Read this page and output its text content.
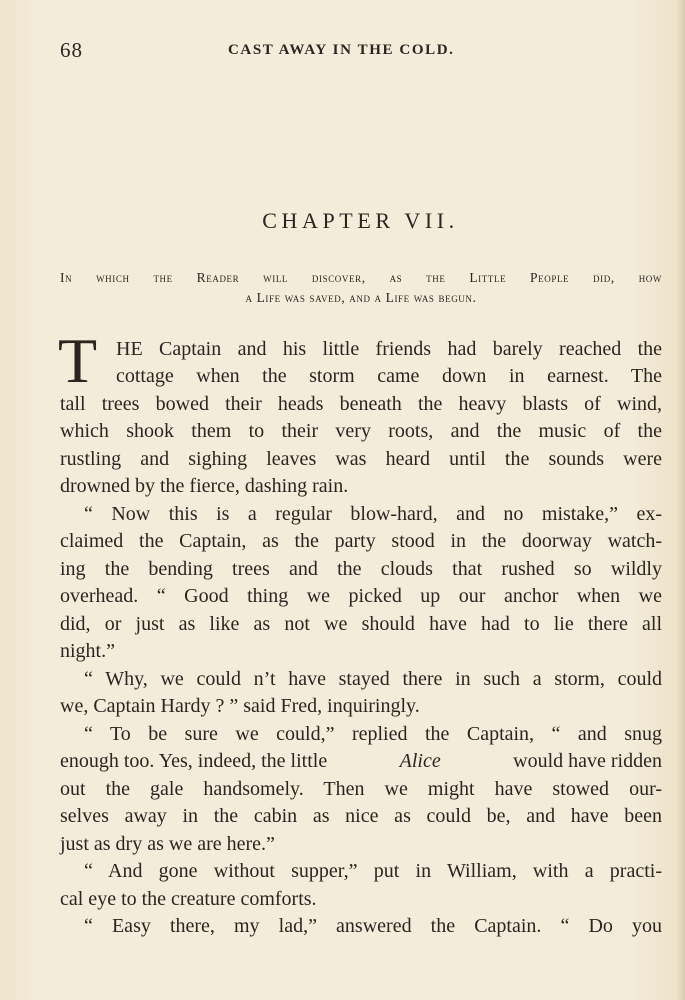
68	CAST AWAY IN THE COLD.
CHAPTER VII.
In which the Reader will discover, as the Little People did, how
a Life was saved, and a Life was begun.
T HE Captain and his little friends had barely reached the
cottage when the storm came down in earnest. The
tall trees bowed their heads beneath the heavy blasts of wind,
which shook them to their very roots, and the music of the
rustling and sighing leaves was heard until the sounds were
drowned by the fierce, dashing rain.
“ Now this is a regular blow-hard, and no mistake,” ex-
claimed the Captain, as the party stood in the doorway watch-
ing the bending trees and the clouds that rushed so wildly
overhead. “ Good thing we picked up our anchor when we
did, or just as like as not we should have had to lie there all
night.”
“ Why, we could n’t have stayed there in such a storm, could
we, Captain Hardy ? ” said Fred, inquiringly.
“ To be sure we could,” replied the Captain, “ and snug
enough too. Yes, indeed, the little	Alice	would have ridden
out the gale handsomely. Then we might have stowed our-
selves away in the cabin as nice as could be, and have been
just as dry as we are here.”
“ And gone without supper,” put in William, with a practi-
cal eye to the creature comforts.
“ Easy there, my lad,” answered the Captain. “ Do you
